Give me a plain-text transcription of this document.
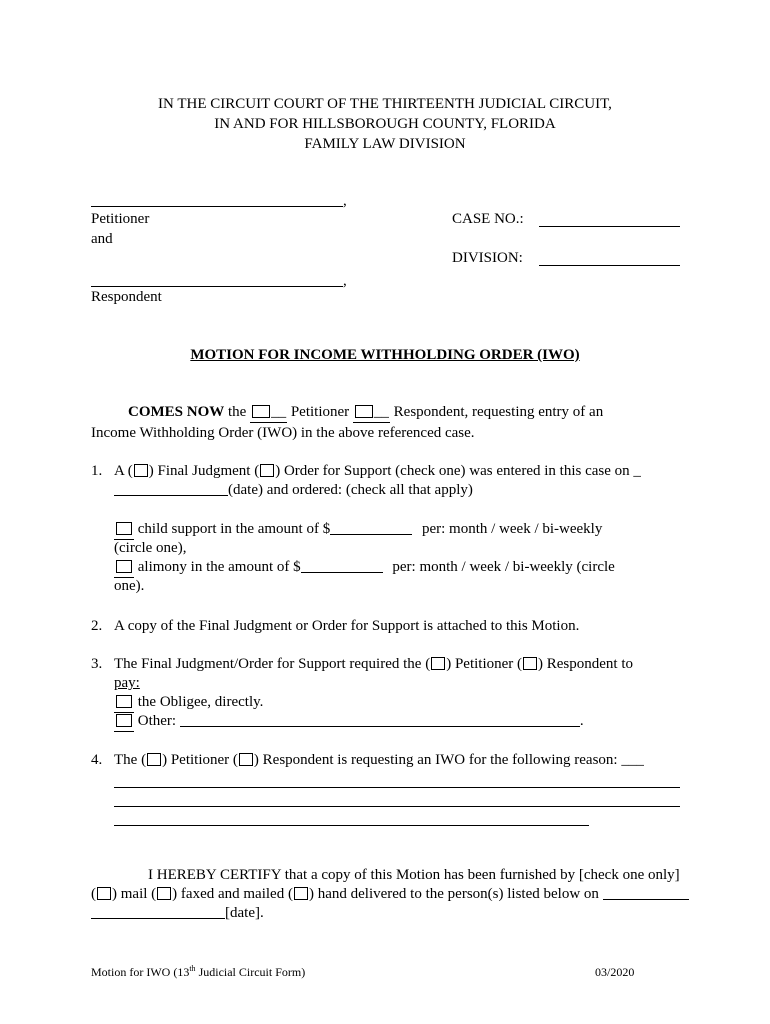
IN THE CIRCUIT COURT OF THE THIRTEENTH JUDICIAL CIRCUIT,
IN AND FOR HILLSBOROUGH COUNTY, FLORIDA
FAMILY LAW DIVISION
,
Petitioner
and
,
Respondent
CASE NO.:
DIVISION:
MOTION FOR INCOME WITHHOLDING ORDER (IWO)
COMES NOW the __ Petitioner __ Respondent, requesting entry of an
Income Withholding Order (IWO) in the above referenced case.
1. A ( ) Final Judgment ( ) Order for Support (check one) was entered in this case on _
(date) and ordered: (check all that apply)
child support in the amount of $	per: month / week / bi-weekly
(circle one),
alimony in the amount of $	per: month / week / bi-weekly (circle
one).
2. A copy of the Final Judgment or Order for Support is attached to this Motion.
3. The Final Judgment/Order for Support required the ( ) Petitioner ( ) Respondent to
pay:
the Obligee, directly.
Other:	.
4. The ( ) Petitioner ( ) Respondent is requesting an IWO for the following reason: ___
I HEREBY CERTIFY that a copy of this Motion has been furnished by [check one only]
( ) mail ( ) faxed and mailed ( ) hand delivered to the person(s) listed below on
[date].
Motion for IWO (13th Judicial Circuit Form)	03/2020
